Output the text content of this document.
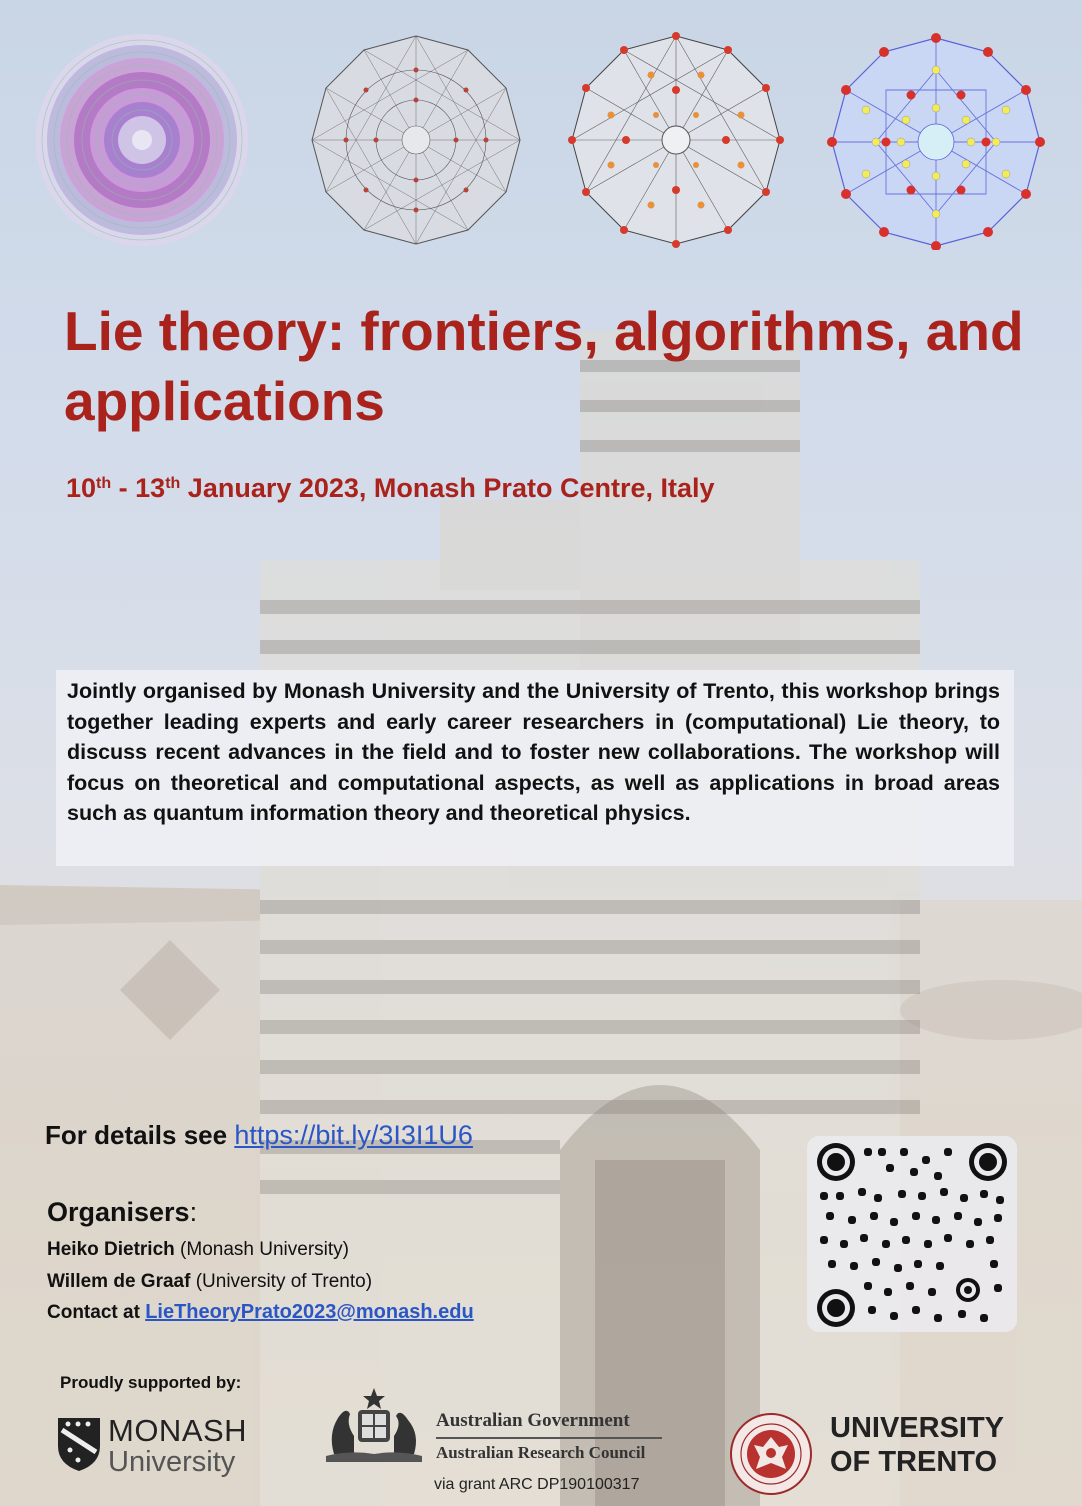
Lie theory: frontiers, algorithms, and applications
10th - 13th January 2023, Monash Prato Centre, Italy
Jointly organised by Monash University and the University of Trento, this workshop brings together leading experts and early career researchers in (computational) Lie theory, to discuss recent advances in the field and to foster new collaborations. The workshop will focus on theoretical and computational aspects, as well as applications in broad areas such as quantum information theory and theoretical physics.
For details see https://bit.ly/3I3I1U6
Organisers:
Heiko Dietrich (Monash University)
Willem de Graaf (University of Trento)
Contact at LieTheoryPrato2023@monash.edu
Proudly supported by:
MONASH
University
Australian Government
Australian Research Council
via grant ARC DP190100317
UNIVERSITY
OF TRENTO
